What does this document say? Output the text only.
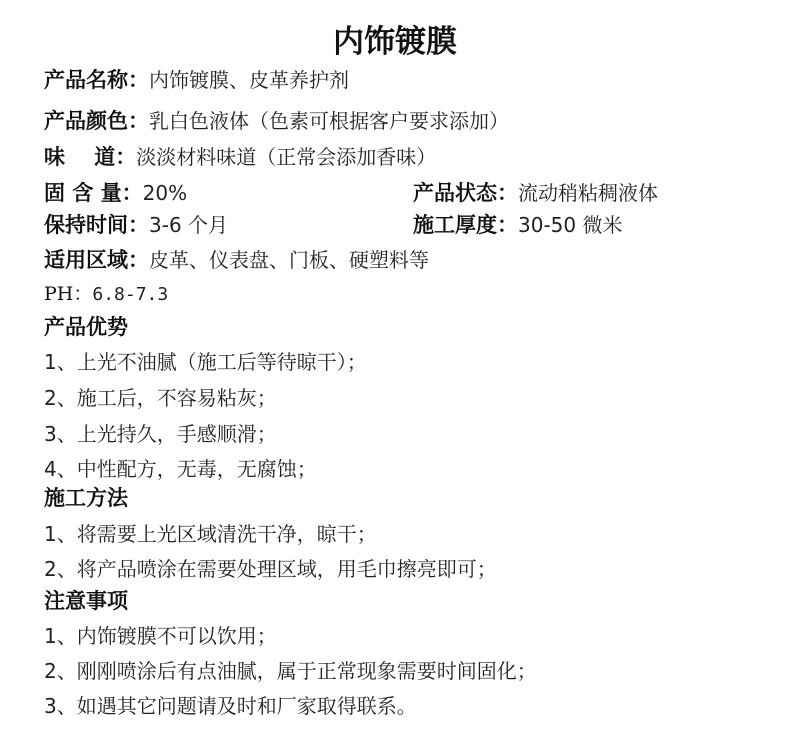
内饰镀膜
产品名称：内饰镀膜、皮革养护剂
产品颜色：乳白色液体（色素可根据客户要求添加）
味    道：淡淡材料味道（正常会添加香味）
固 含 量：20%	产品状态：流动稍粘稠液体
保持时间：3-6 个月	施工厚度：30-50 微米
适用区域：皮革、仪表盘、门板、硬塑料等
PH：6.8-7.3
产品优势
1、上光不油腻（施工后等待晾干）；
2、施工后，不容易粘灰；
3、上光持久，手感顺滑；
4、中性配方，无毒，无腐蚀；
施工方法
1、将需要上光区域清洗干净，晾干；
2、将产品喷涂在需要处理区域，用毛巾擦亮即可；
注意事项
1、内饰镀膜不可以饮用；
2、刚刚喷涂后有点油腻，属于正常现象需要时间固化；
3、如遇其它问题请及时和厂家取得联系。
